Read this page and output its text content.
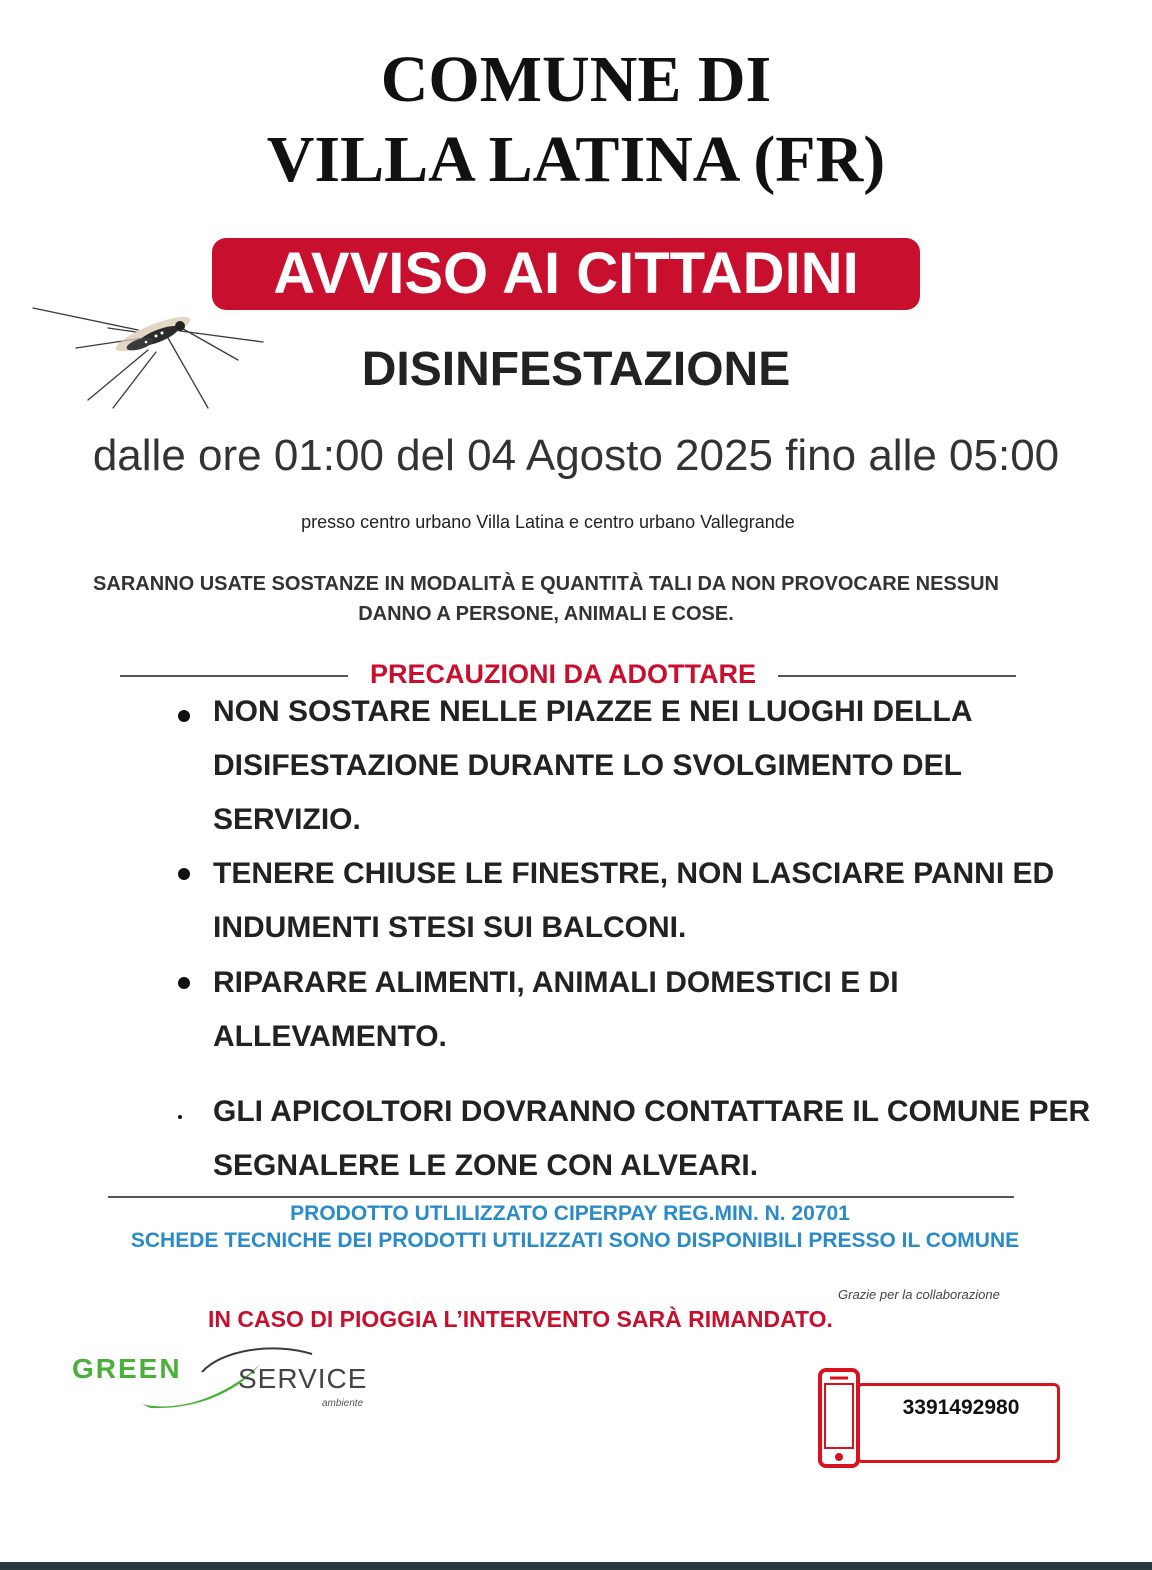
COMUNE DI
VILLA LATINA (FR)
AVVISO AI CITTADINI
DISINFESTAZIONE
dalle ore 01:00 del 04 Agosto 2025 fino alle 05:00
presso centro urbano Villa Latina e centro urbano Vallegrande
SARANNO USATE SOSTANZE IN MODALITÀ E QUANTITÀ TALI DA NON PROVOCARE NESSUN
DANNO A PERSONE, ANIMALI E COSE.
PRECAUZIONI DA ADOTTARE
NON SOSTARE NELLE PIAZZE E NEI LUOGHI DELLA DISIFESTAZIONE DURANTE LO SVOLGIMENTO DEL SERVIZIO.
TENERE CHIUSE LE FINESTRE, NON LASCIARE PANNI ED INDUMENTI STESI SUI BALCONI.
RIPARARE ALIMENTI, ANIMALI DOMESTICI E DI ALLEVAMENTO.
GLI APICOLTORI DOVRANNO CONTATTARE IL COMUNE PER SEGNALERE LE ZONE CON ALVEARI.
PRODOTTO UTLILIZZATO CIPERPAY REG.MIN. N. 20701
SCHEDE TECNICHE DEI PRODOTTI UTILIZZATI SONO DISPONIBILI PRESSO IL COMUNE
Grazie per la collaborazione
IN CASO DI PIOGGIA L’INTERVENTO SARÀ RIMANDATO.
GREEN SERVICE
ambiente	3391492980
